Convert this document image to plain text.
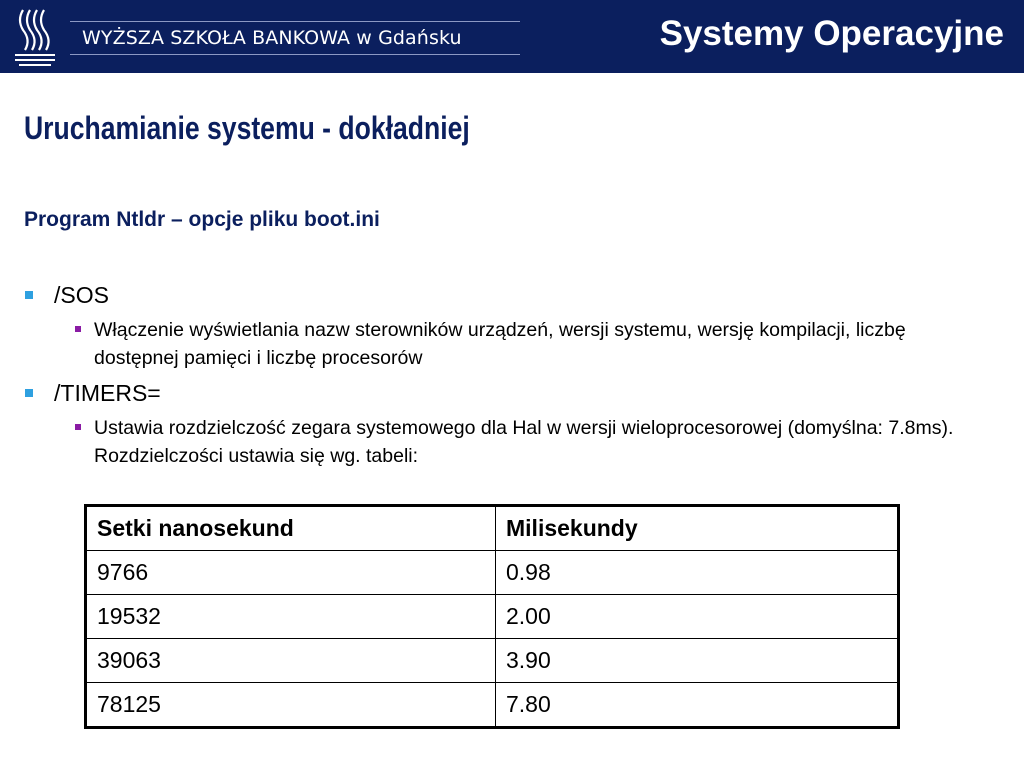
WYŻSZA SZKOŁA BANKOWA w Gdańsku	Systemy Operacyjne
Uruchamianie systemu - dokładniej
Program Ntldr – opcje pliku boot.ini
/SOS
Włączenie wyświetlania nazw sterowników urządzeń, wersji systemu, wersję kompilacji, liczbę dostępnej pamięci i liczbę procesorów
/TIMERS=
Ustawia rozdzielczość zegara systemowego dla Hal w wersji wieloprocesorowej (domyślna: 7.8ms). Rozdzielczości ustawia się wg. tabeli:
Setki nanosekund	Milisekundy
9766	0.98
19532	2.00
39063	3.90
78125	7.80
